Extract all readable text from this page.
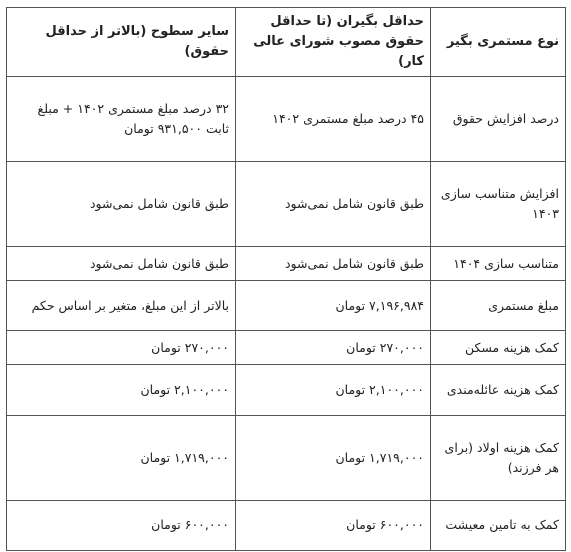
نوع مستمری بگیر	حداقل بگیران (تا حداقل حقوق مصوب شورای عالی کار)	سایر سطوح (بالاتر از حداقل حقوق)
درصد افزایش حقوق	۴۵ درصد مبلغ مستمری ۱۴۰۲	۳۲ درصد مبلغ مستمری ۱۴۰۲ + مبلغ ثابت ۹۳۱,۵۰۰ تومان
افزایش متناسب سازی ۱۴۰۳	طبق قانون شامل نمی‌شود	طبق قانون شامل نمی‌شود
متناسب سازی ۱۴۰۴	طبق قانون شامل نمی‌شود	طبق قانون شامل نمی‌شود
مبلغ مستمری	۷,۱۹۶,۹۸۴ تومان	بالاتر از این مبلغ، متغیر بر اساس حکم
کمک هزینه مسکن	۲۷۰,۰۰۰ تومان	۲۷۰,۰۰۰ تومان
کمک هزینه عائله‌مندی	۲,۱۰۰,۰۰۰ تومان	۲,۱۰۰,۰۰۰ تومان
کمک هزینه اولاد (برای هر فرزند)	۱,۷۱۹,۰۰۰ تومان	۱,۷۱۹,۰۰۰ تومان
کمک به تامین معیشت	۶۰۰,۰۰۰ تومان	۶۰۰,۰۰۰ تومان
